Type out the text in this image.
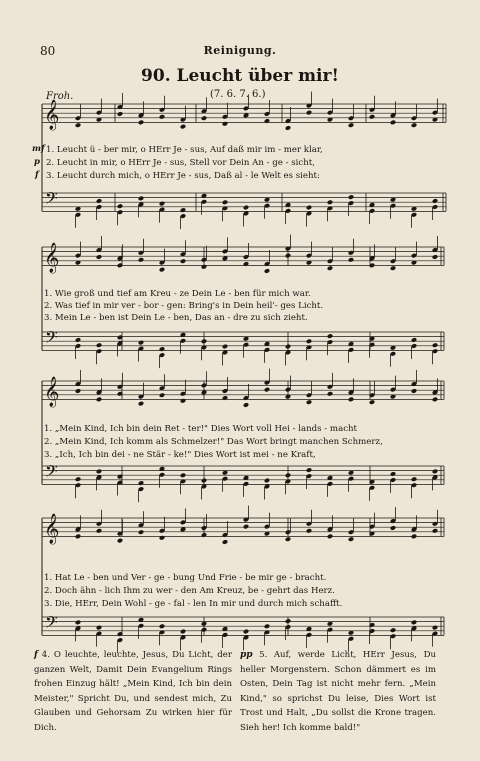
80	Reinigung.
90. Leucht über mir!
(7. 6. 7. 6.)
Froh.
𝄞
𝄢
𝄞
𝄢
𝄞
𝄢
𝄞
𝄢
mf 1. Leucht ü - ber mir, o HErr Je - sus, Auf daß mir im - mer klar,
p 2. Leucht in mir, o HErr Je - sus, Stell vor Dein An - ge - sicht,
f 3. Leucht durch mich, o HErr Je - sus, Daß al - le Welt es sieht:
1. Wie groß und tief am Kreu - ze Dein Le - ben für mich war.
2. Was tief in mir ver - bor - gen: Bring's in Dein heil'- ges Licht.
3. Mein Le - ben ist Dein Le - ben, Das an - dre zu sich zieht.
1. „Mein Kind, Ich bin dein Ret - ter!" Dies Wort voll Hei - lands - macht
2. „Mein Kind, Ich komm als Schmelzer!" Das Wort bringt manchen Schmerz,
3. „Ich, Ich bin dei - ne Stär - ke!" Dies Wort ist mei - ne Kraft,
1. Hat Le - ben und Ver - ge - bung Und Frie - be mir ge - bracht.
2. Doch ähn - lich Ihm zu wer - den Am Kreuz, be - gehrt das Herz.
3. Die, HErr, Dein Wohl - ge - fal - len In mir und durch mich schafft.
f 4. O leuchte, leuchte, Jesus, Du Licht, der ganzen Welt, Damit Dein Evangelium Rings frohen Einzug hält! „Mein Kind, Ich bin dein Meister," Spricht Du, und sendest mich, Zu Glauben und Gehorsam Zu wirken hier für Dich.
pp 5. Auf, werde Licht, HErr Jesus, Du heller Morgenstern. Schon dämmert es im Osten, Dein Tag ist nicht mehr fern. „Mein Kind," so sprichst Du leise, Dies Wort ist Trost und Halt, „Du sollst die Krone tragen. Sieh her! Ich komme bald!"
